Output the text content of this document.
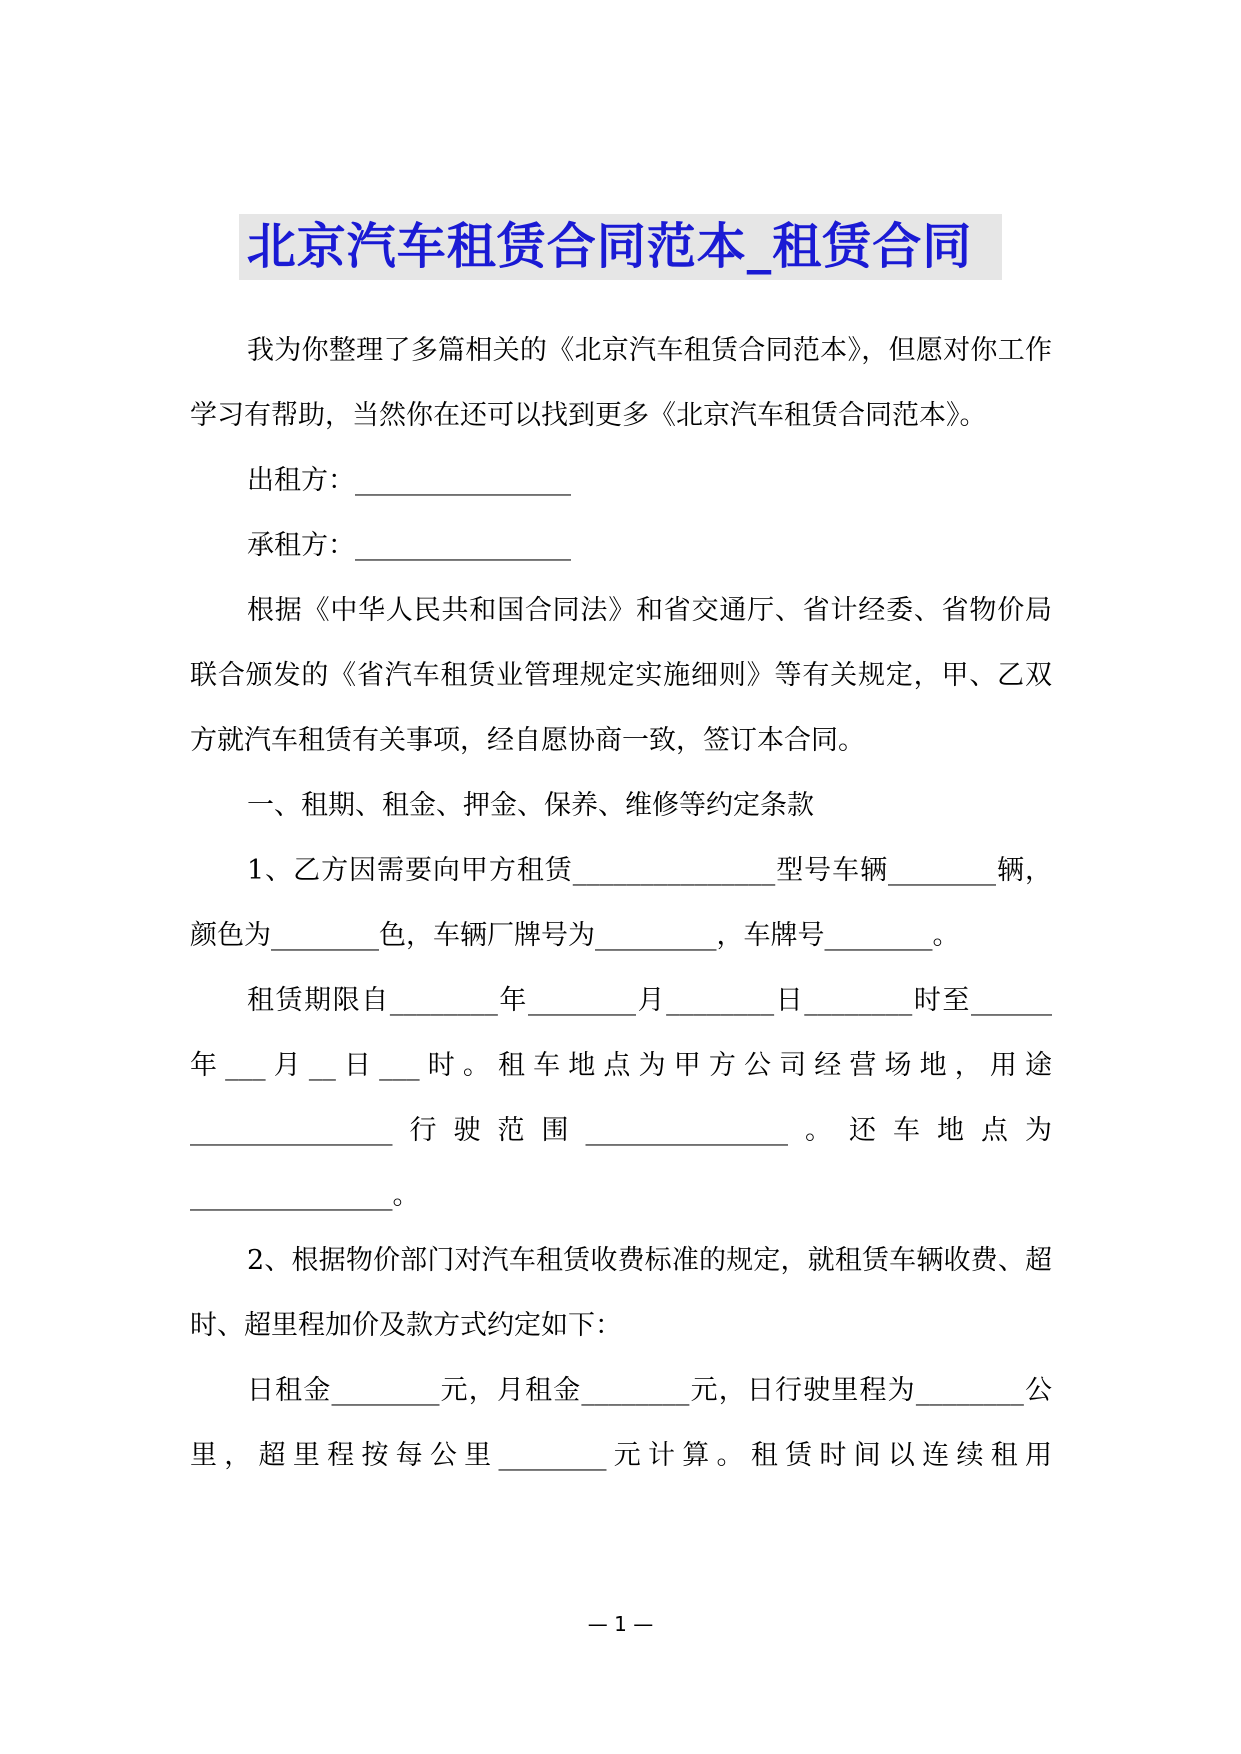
北京汽车租赁合同范本_租赁合同

我为你整理了多篇相关的《北京汽车租赁合同范本》，但愿对你工作学习有帮助，当然你在还可以找到更多《北京汽车租赁合同范本》。

出租方：________________

承租方：________________

根据《中华人民共和国合同法》和省交通厅、省计经委、省物价局联合颁发的《省汽车租赁业管理规定实施细则》等有关规定，甲、乙双方就汽车租赁有关事项，经自愿协商一致，签订本合同。

一、租期、租金、押金、保养、维修等约定条款

1、乙方因需要向甲方租赁_______________型号车辆________辆，颜色为________色，车辆厂牌号为_________，车牌号________。

租赁期限自________年________月________日________时至______年___月__日___时。租车地点为甲方公司经营场地，用途_______________行驶范围_______________。还车地点为_______________。

2、根据物价部门对汽车租赁收费标准的规定，就租赁车辆收费、超时、超里程加价及款方式约定如下：

日租金________元，月租金________元，日行驶里程为________公里，超里程按每公里________元计算。租赁时间以连续租用

— 1 —
